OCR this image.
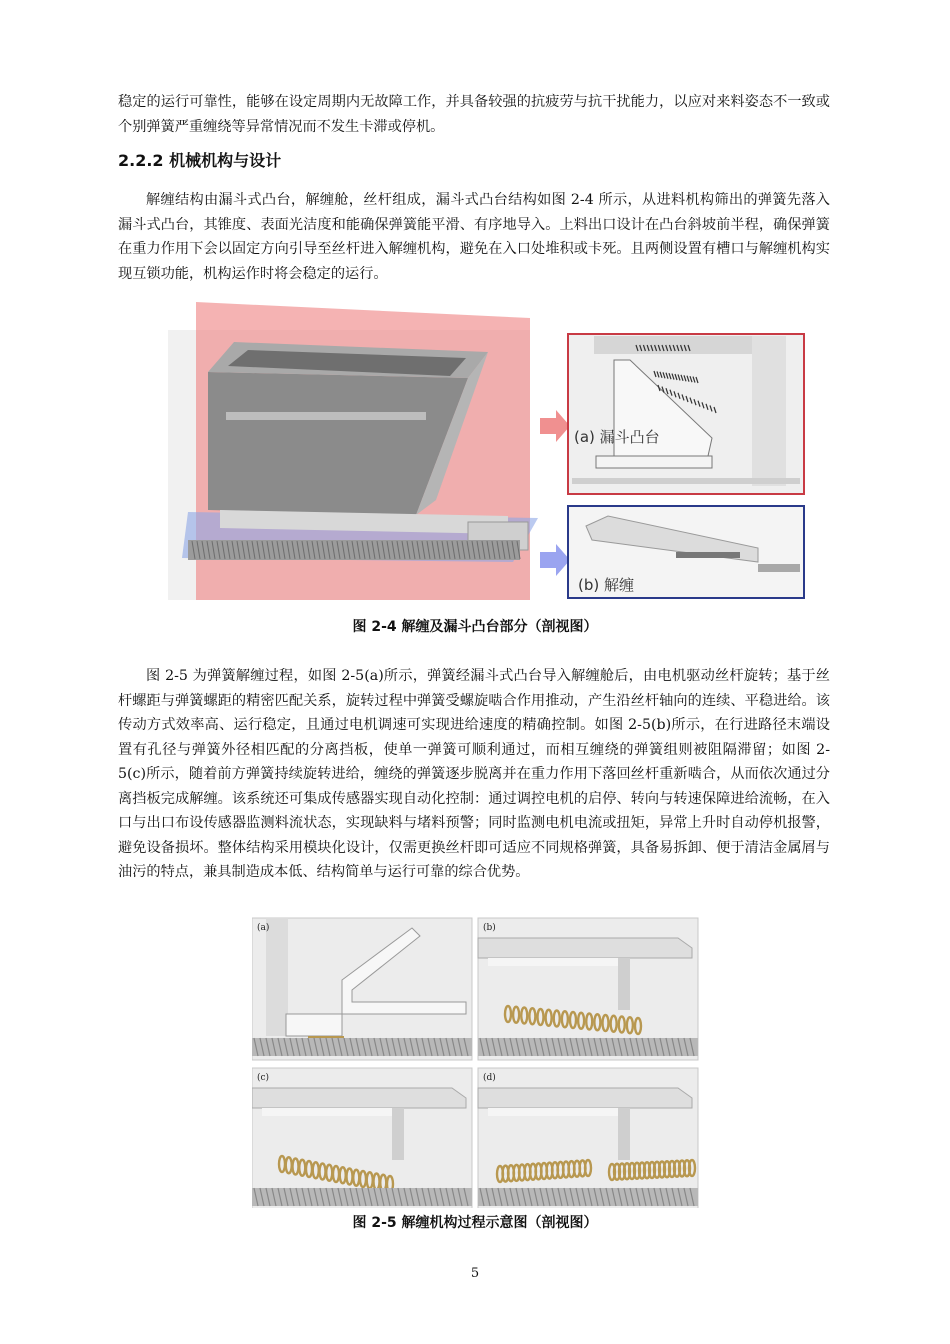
稳定的运行可靠性，能够在设定周期内无故障工作，并具备较强的抗疲劳与抗干扰能力，以应对来料姿态不一致或个别弹簧严重缠绕等异常情况而不发生卡滞或停机。

2.2.2 机械机构与设计

解缠结构由漏斗式凸台，解缠舱，丝杆组成，漏斗式凸台结构如图 2-4 所示，从进料机构筛出的弹簧先落入漏斗式凸台，其锥度、表面光洁度和能确保弹簧能平滑、有序地导入。上料出口设计在凸台斜坡前半程，确保弹簧在重力作用下会以固定方向引导至丝杆进入解缠机构，避免在入口处堆积或卡死。且两侧设置有槽口与解缠机构实现互锁功能，机构运作时将会稳定的运行。

(a) 漏斗凸台
(b) 解缠

图 2-4 解缠及漏斗凸台部分（剖视图）

图 2-5 为弹簧解缠过程，如图 2-5(a)所示，弹簧经漏斗式凸台导入解缠舱后，由电机驱动丝杆旋转；基于丝杆螺距与弹簧螺距的精密匹配关系，旋转过程中弹簧受螺旋啮合作用推动，产生沿丝杆轴向的连续、平稳进给。该传动方式效率高、运行稳定，且通过电机调速可实现进给速度的精确控制。如图 2-5(b)所示，在行进路径末端设置有孔径与弹簧外径相匹配的分离挡板，使单一弹簧可顺利通过，而相互缠绕的弹簧组则被阻隔滞留；如图 2-5(c)所示，随着前方弹簧持续旋转进给，缠绕的弹簧逐步脱离并在重力作用下落回丝杆重新啮合，从而依次通过分离挡板完成解缠。该系统还可集成传感器实现自动化控制：通过调控电机的启停、转向与转速保障进给流畅，在入口与出口布设传感器监测料流状态，实现缺料与堵料预警；同时监测电机电流或扭矩，异常上升时自动停机报警，避免设备损坏。整体结构采用模块化设计，仅需更换丝杆即可适应不同规格弹簧，具备易拆卸、便于清洁金属屑与油污的特点，兼具制造成本低、结构简单与运行可靠的综合优势。

(a)	(b)
(c)	(d)

图 2-5 解缠机构过程示意图（剖视图）

5
